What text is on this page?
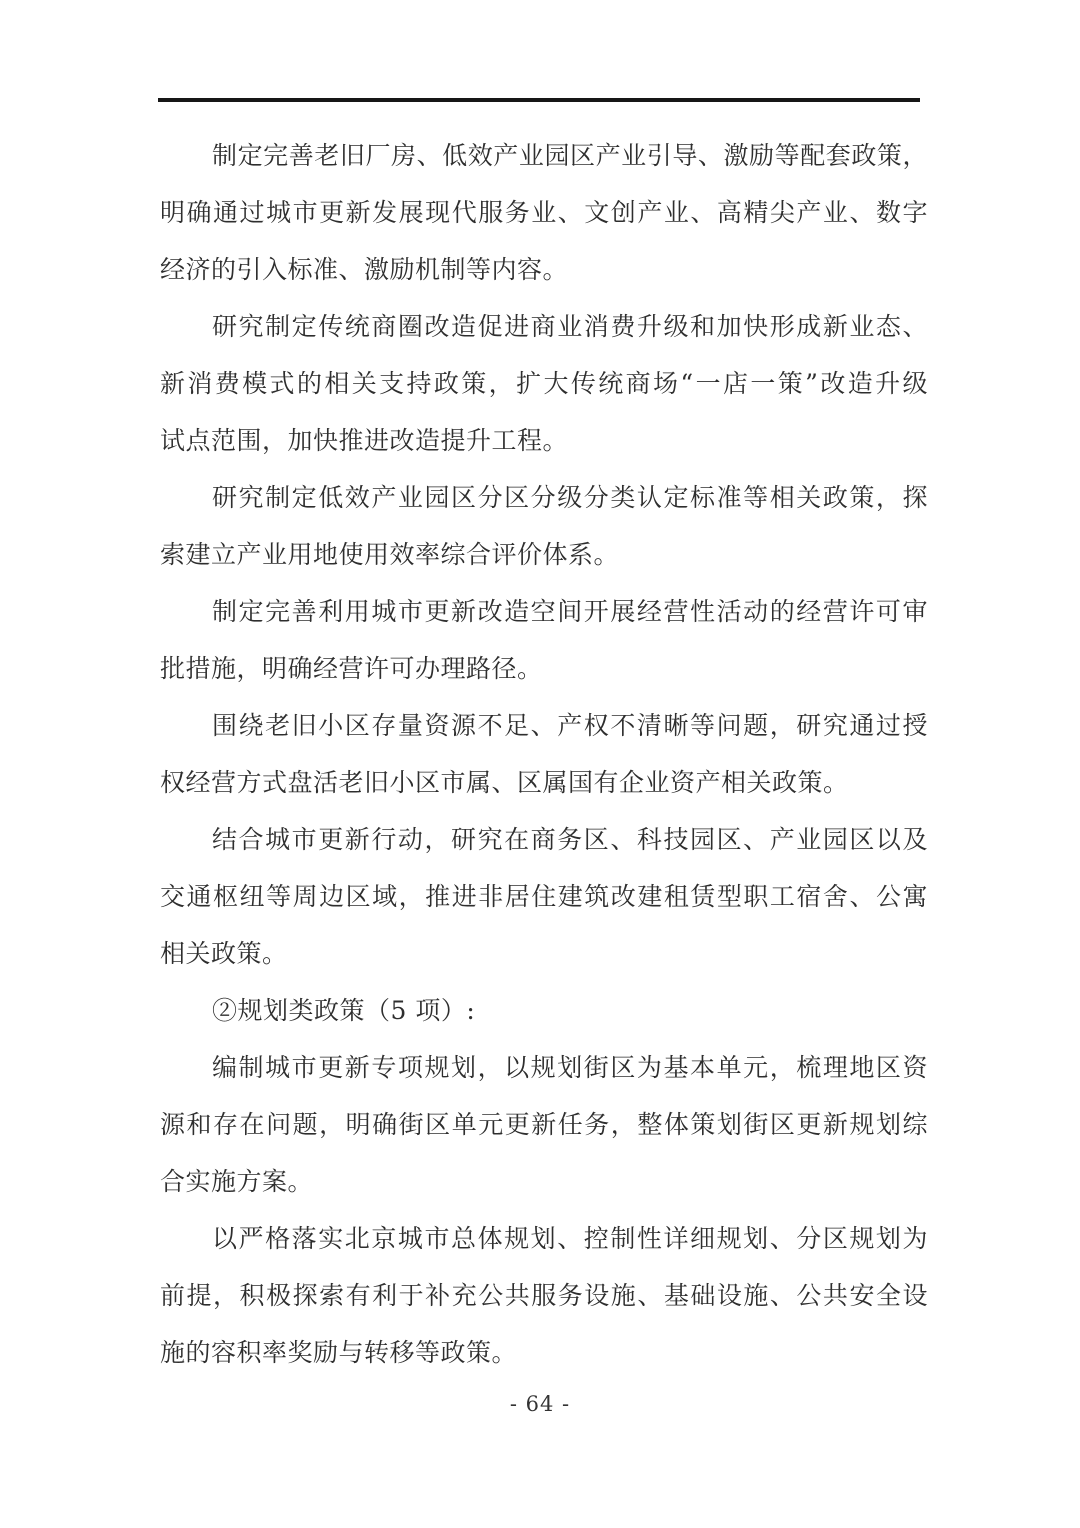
制定完善老旧厂房、低效产业园区产业引导、激励等配套政策，
明确通过城市更新发展现代服务业、文创产业、高精尖产业、数字
经济的引入标准、激励机制等内容。
研究制定传统商圈改造促进商业消费升级和加快形成新业态、
新消费模式的相关支持政策，扩大传统商场“一店一策”改造升级
试点范围，加快推进改造提升工程。
研究制定低效产业园区分区分级分类认定标准等相关政策，探
索建立产业用地使用效率综合评价体系。
制定完善利用城市更新改造空间开展经营性活动的经营许可审
批措施，明确经营许可办理路径。
围绕老旧小区存量资源不足、产权不清晰等问题，研究通过授
权经营方式盘活老旧小区市属、区属国有企业资产相关政策。
结合城市更新行动，研究在商务区、科技园区、产业园区以及
交通枢纽等周边区域，推进非居住建筑改建租赁型职工宿舍、公寓
相关政策。
②规划类政策（5 项）:
编制城市更新专项规划，以规划街区为基本单元，梳理地区资
源和存在问题，明确街区单元更新任务，整体策划街区更新规划综
合实施方案。
以严格落实北京城市总体规划、控制性详细规划、分区规划为
前提，积极探索有利于补充公共服务设施、基础设施、公共安全设
施的容积率奖励与转移等政策。
- 64 -
